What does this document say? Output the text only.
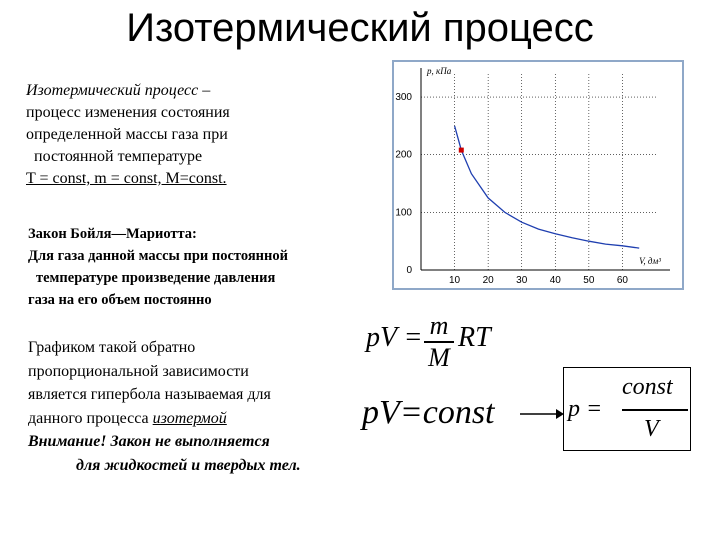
Изотермический процесс
Изотермический процесс –
процесс изменения состояния
определенной массы газа при
постоянной температуре
T = const, m = const, M=const.
Закон Бойля—Мариотта:
Для газа данной массы при постоянной
температуре произведение давления
газа на его объем постоянно
Графиком такой обратно
пропорциональной зависимости
является гипербола называемая для
данного процесса изотермой
Внимание! Закон не выполняется
для жидкостей и твердых тел.
10 20 30 40 50 60
0
100
200
300
p, кПа
V, дм³
pV = m
M
RT
pV=const	p =
const
V
